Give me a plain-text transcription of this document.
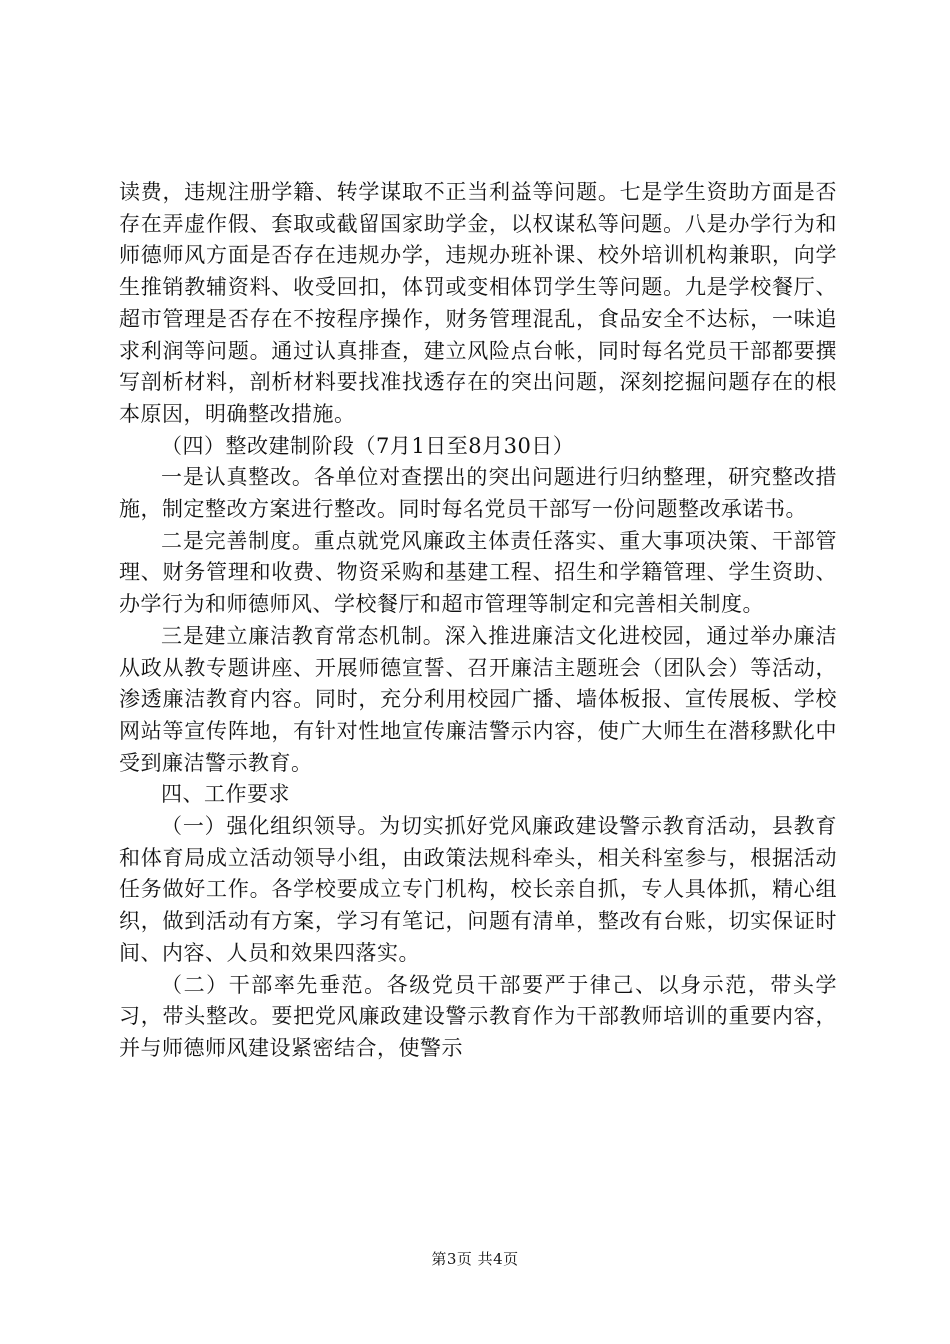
读费，违规注册学籍、转学谋取不正当利益等问题。七是学生资助方面是否存在弄虚作假、套取或截留国家助学金，以权谋私等问题。八是办学行为和师德师风方面是否存在违规办学，违规办班补课、校外培训机构兼职，向学生推销教辅资料、收受回扣，体罚或变相体罚学生等问题。九是学校餐厅、超市管理是否存在不按程序操作，财务管理混乱，食品安全不达标，一味追求利润等问题。通过认真排查，建立风险点台帐，同时每名党员干部都要撰写剖析材料，剖析材料要找准找透存在的突出问题，深刻挖掘问题存在的根本原因，明确整改措施。

（四）整改建制阶段（7月1日至8月30日）

一是认真整改。各单位对查摆出的突出问题进行归纳整理，研究整改措施，制定整改方案进行整改。同时每名党员干部写一份问题整改承诺书。

二是完善制度。重点就党风廉政主体责任落实、重大事项决策、干部管理、财务管理和收费、物资采购和基建工程、招生和学籍管理、学生资助、办学行为和师德师风、学校餐厅和超市管理等制定和完善相关制度。

三是建立廉洁教育常态机制。深入推进廉洁文化进校园，通过举办廉洁从政从教专题讲座、开展师德宣誓、召开廉洁主题班会（团队会）等活动，渗透廉洁教育内容。同时，充分利用校园广播、墙体板报、宣传展板、学校网站等宣传阵地，有针对性地宣传廉洁警示内容，使广大师生在潜移默化中受到廉洁警示教育。

四、工作要求

（一）强化组织领导。为切实抓好党风廉政建设警示教育活动，县教育和体育局成立活动领导小组，由政策法规科牵头，相关科室参与，根据活动任务做好工作。各学校要成立专门机构，校长亲自抓，专人具体抓，精心组织，做到活动有方案，学习有笔记，问题有清单，整改有台账，切实保证时间、内容、人员和效果四落实。

（二）干部率先垂范。各级党员干部要严于律己、以身示范，带头学习，带头整改。要把党风廉政建设警示教育作为干部教师培训的重要内容，并与师德师风建设紧密结合，使警示

第3页 共4页
